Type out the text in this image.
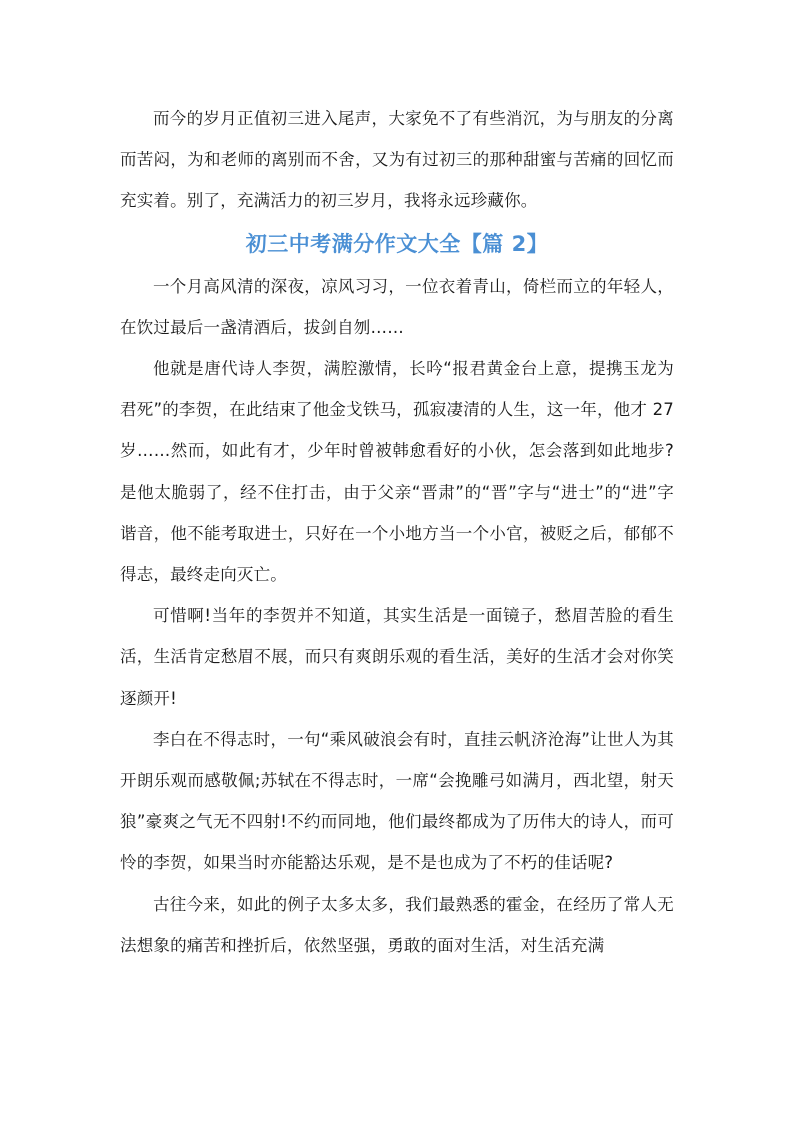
而今的岁月正值初三进入尾声，大家免不了有些消沉，为与朋友的分离而苦闷，为和老师的离别而不舍，又为有过初三的那种甜蜜与苦痛的回忆而充实着。别了，充满活力的初三岁月，我将永远珍藏你。

初三中考满分作文大全【篇 2】

一个月高风清的深夜，凉风习习，一位衣着青山，倚栏而立的年轻人，在饮过最后一盏清酒后，拔剑自刎……

他就是唐代诗人李贺，满腔激情，长吟“报君黄金台上意，提携玉龙为君死”的李贺，在此结束了他金戈铁马，孤寂凄清的人生，这一年，他才 27 岁……然而，如此有才，少年时曾被韩愈看好的小伙，怎会落到如此地步?是他太脆弱了，经不住打击，由于父亲“晋肃”的“晋”字与“进士”的“进”字谐音，他不能考取进士，只好在一个小地方当一个小官，被贬之后，郁郁不得志，最终走向灭亡。

可惜啊!当年的李贺并不知道，其实生活是一面镜子，愁眉苦脸的看生活，生活肯定愁眉不展，而只有爽朗乐观的看生活，美好的生活才会对你笑逐颜开!

李白在不得志时，一句“乘风破浪会有时，直挂云帆济沧海”让世人为其开朗乐观而感敬佩;苏轼在不得志时，一席“会挽雕弓如满月，西北望，射天狼”豪爽之气无不四射!不约而同地，他们最终都成为了历伟大的诗人，而可怜的李贺，如果当时亦能豁达乐观，是不是也成为了不朽的佳话呢?

古往今来，如此的例子太多太多，我们最熟悉的霍金，在经历了常人无法想象的痛苦和挫折后，依然坚强，勇敢的面对生活，对生活充满
